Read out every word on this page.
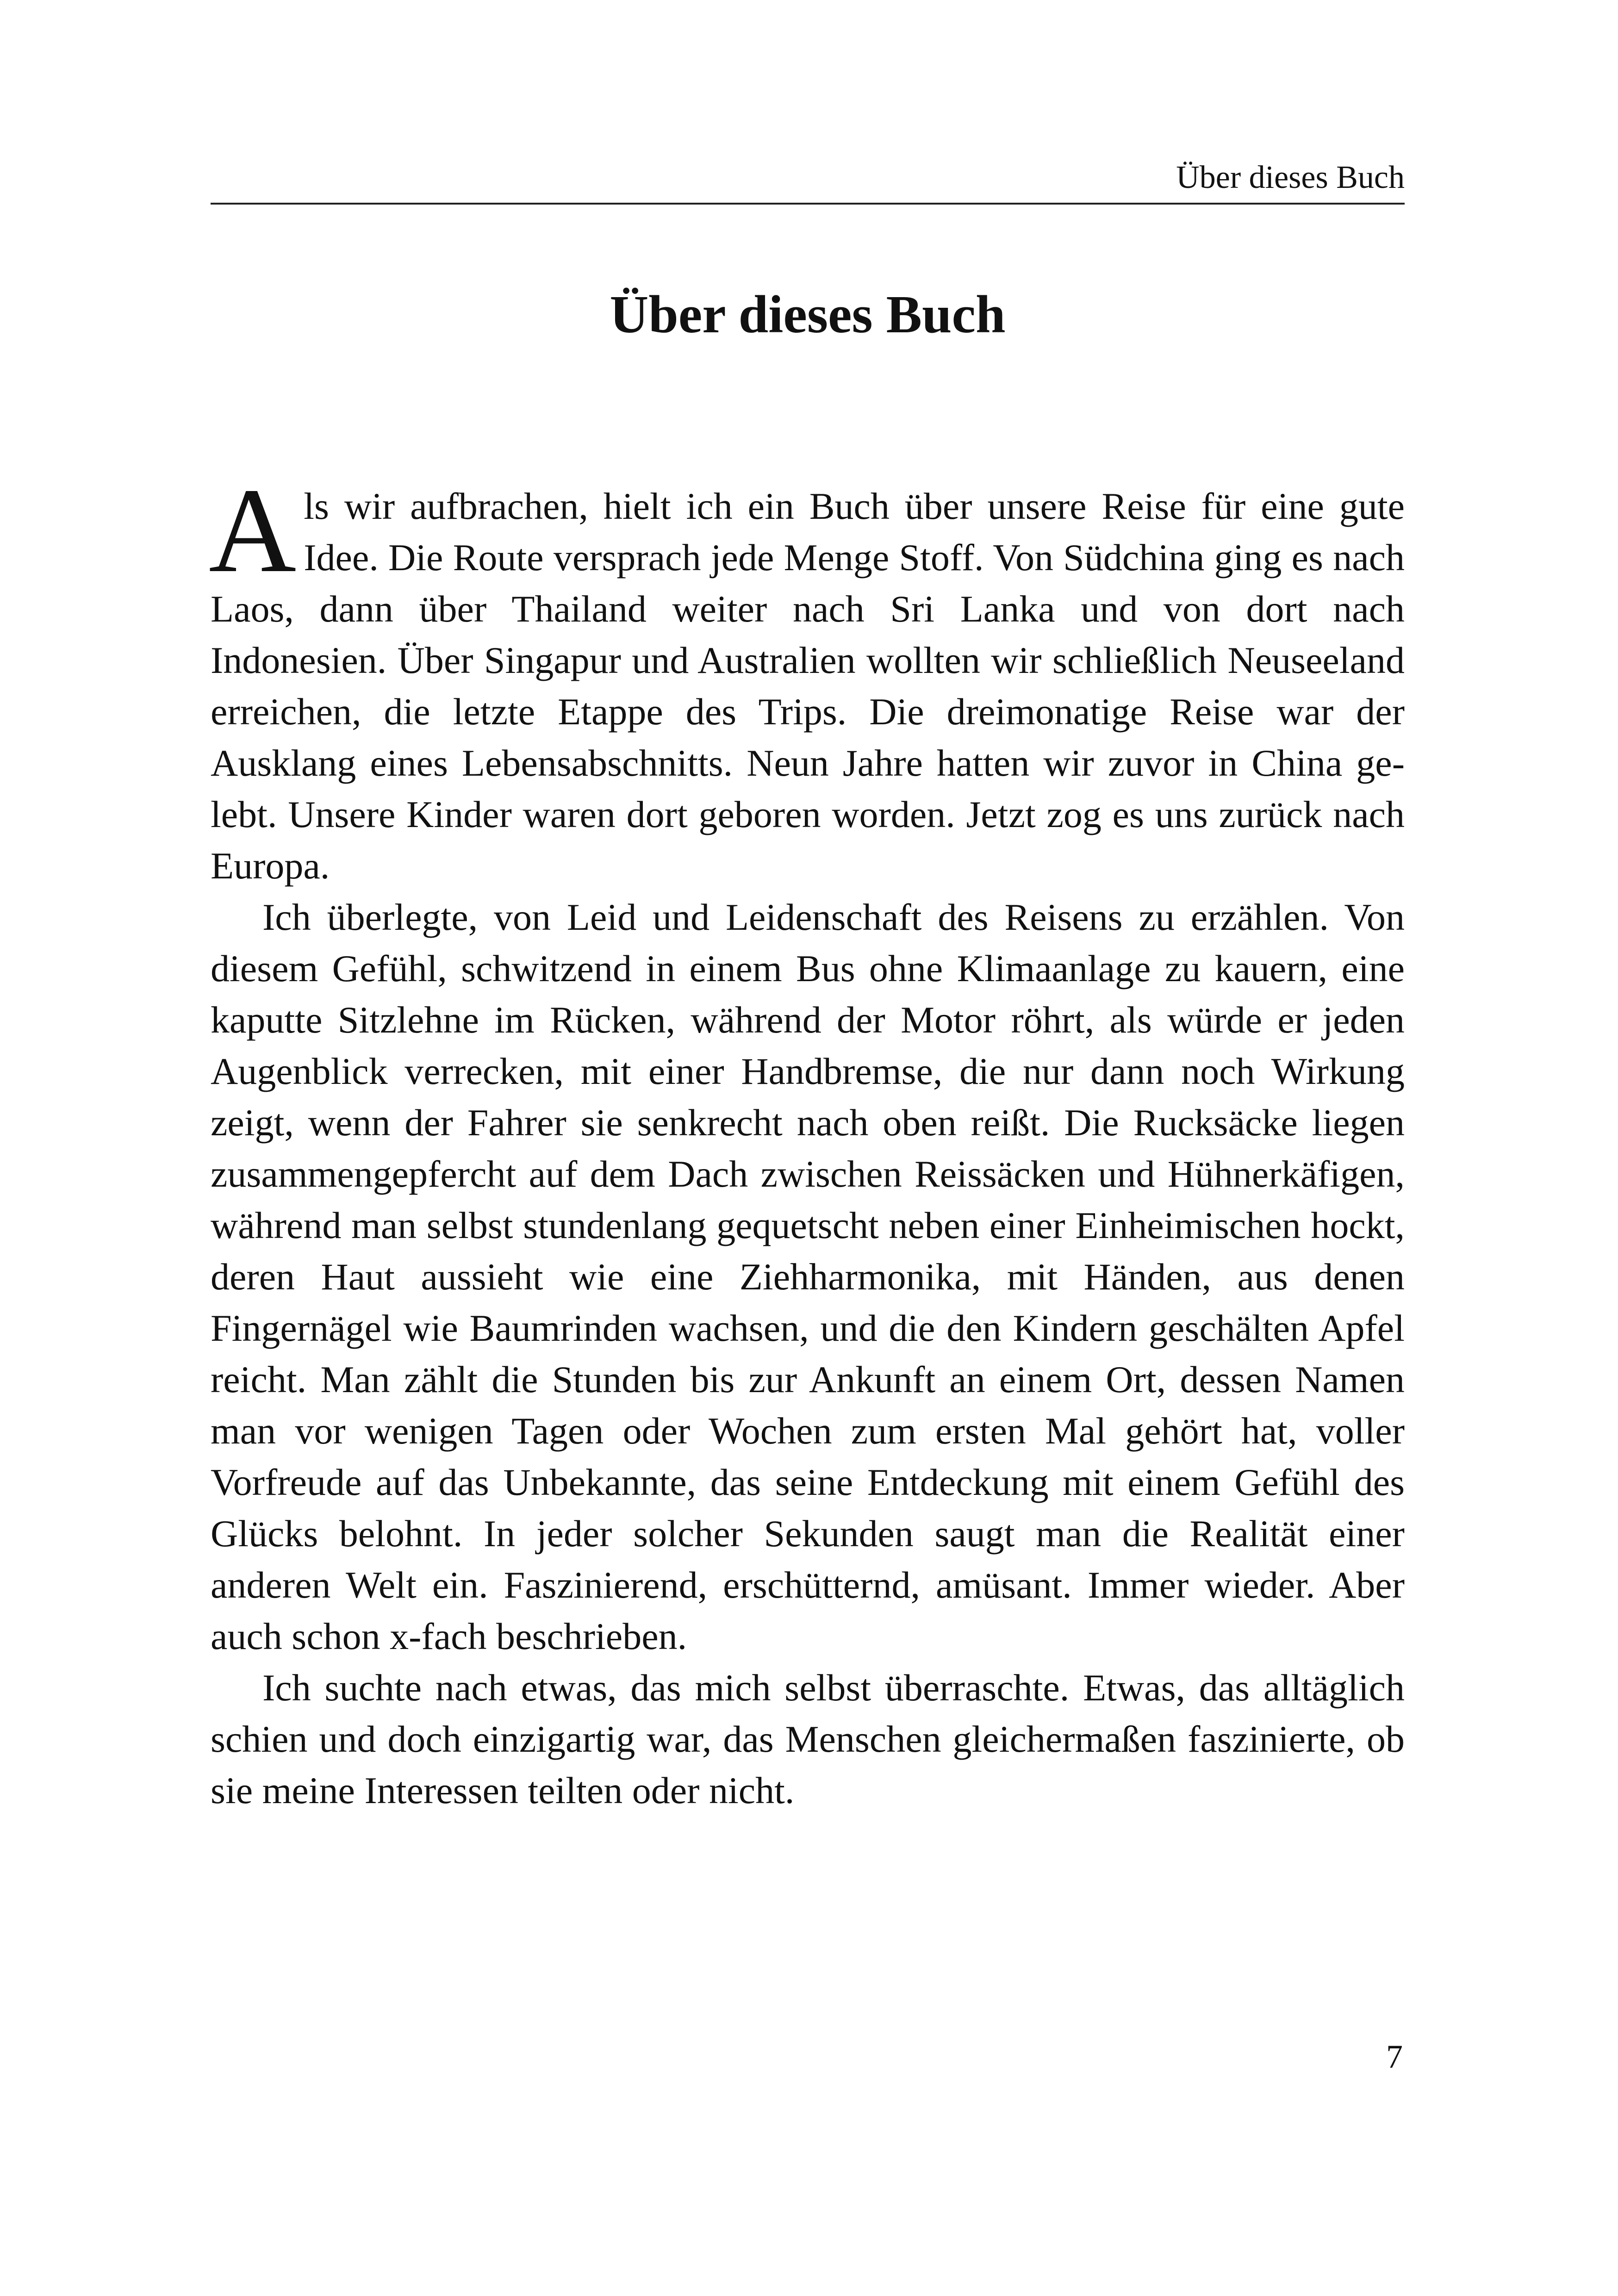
Über dieses Buch
Über dieses Buch

Als wir aufbrachen, hielt ich ein Buch über unsere Reise für eine gute Idee. Die Route versprach jede Menge Stoff. Von Südchina ging es nach Laos, dann über Thailand weiter nach Sri Lanka und von dort nach Indonesien. Über Singapur und Australien wollten wir schließlich Neuseeland erreichen, die letzte Etappe des Trips. Die dreimonatige Reise war der Ausklang eines Lebensabschnitts. Neun Jahre hatten wir zuvor in China gelebt. Unsere Kinder waren dort geboren worden. Jetzt zog es uns zurück nach Europa.

Ich überlegte, von Leid und Leidenschaft des Reisens zu erzählen. Von diesem Gefühl, schwitzend in einem Bus ohne Klimaanlage zu kauern, eine kaputte Sitzlehne im Rücken, während der Motor röhrt, als würde er jeden Augenblick verrecken, mit einer Handbremse, die nur dann noch Wirkung zeigt, wenn der Fahrer sie senkrecht nach oben reißt. Die Rucksäcke liegen zusammengepfercht auf dem Dach zwischen Reissäcken und Hühnerkäfigen, während man selbst stundenlang gequetscht neben einer Einheimischen hockt, deren Haut aussieht wie eine Ziehharmonika, mit Händen, aus denen Fingernägel wie Baumrinden wachsen, und die den Kindern geschälten Apfel reicht. Man zählt die Stunden bis zur Ankunft an einem Ort, dessen Namen man vor wenigen Tagen oder Wochen zum ersten Mal gehört hat, voller Vorfreude auf das Unbekannte, das seine Entdeckung mit einem Gefühl des Glücks belohnt. In jeder solcher Sekunden saugt man die Realität einer anderen Welt ein. Faszinierend, erschütternd, amüsant. Immer wieder. Aber auch schon x-fach beschrieben.

Ich suchte nach etwas, das mich selbst überraschte. Etwas, das alltäglich schien und doch einzigartig war, das Menschen gleichermaßen faszinierte, ob sie meine Interessen teilten oder nicht.

7
